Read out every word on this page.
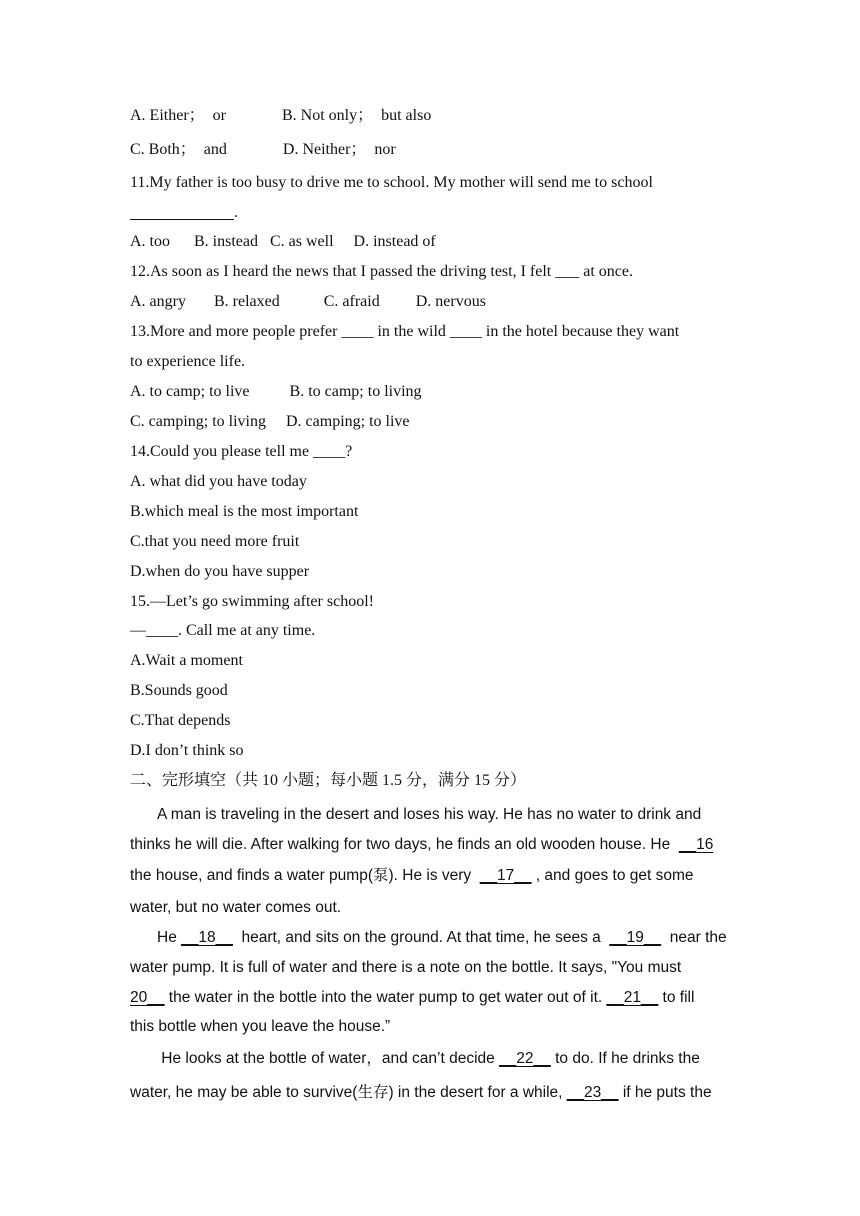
A. Either；  or              B. Not only；  but also
C. Both；  and              D. Neither；  nor
11.My father is too busy to drive me to school. My mother will send me to school
.
A. too      B. instead   C. as well     D. instead of
12.As soon as I heard the news that I passed the driving test, I felt ___ at once.
A. angry       B. relaxed           C. afraid         D. nervous
13.More and more people prefer ____ in the wild ____ in the hotel because they want
to experience life.
A. to camp; to live          B. to camp; to living
C. camping; to living     D. camping; to live
14.Could you please tell me ____?
A. what did you have today
B.which meal is the most important
C.that you need more fruit
D.when do you have supper
15.—Let’s go swimming after school!
—____. Call me at any time.
A.Wait a moment
B.Sounds good
C.That depends
D.I don’t think so
二、完形填空（共 10 小题；每小题 1.5 分，满分 15 分）
A man is traveling in the desert and loses his way. He has no water to drink and
thinks he will die. After walking for two days, he finds an old wooden house. He  __16
the house, and finds a water pump(泵). He is very  __17__ , and goes to get some
water, but no water comes out.
He __18__  heart, and sits on the ground. At that time, he sees a  __19__  near the
water pump. It is full of water and there is a note on the bottle. It says, "You must
20__ the water in the bottle into the water pump to get water out of it. __21__ to fill
this bottle when you leave the house.”
He looks at the bottle of water，and can’t decide __22__ to do. If he drinks the
water, he may be able to survive(生存) in the desert for a while, __23__ if he puts the
